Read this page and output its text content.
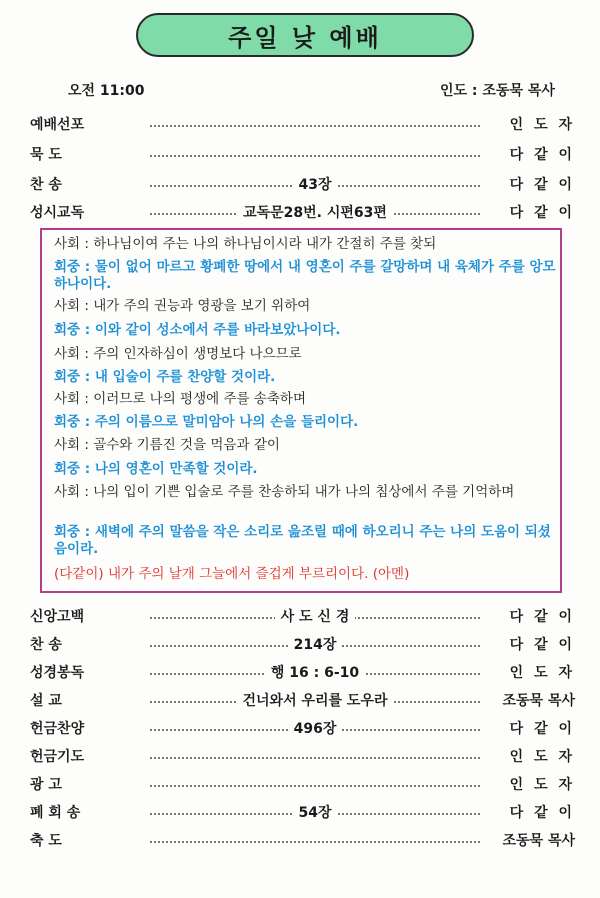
주일 낮 예배
오전 11:00	인도 : 조동묵 목사
예배선포	인 도 자
묵 도	다 같 이
찬 송	43장	다 같 이
성시교독	교독문28번. 시편63편	다 같 이
사회 : 하나님이여 주는 나의 하나님이시라 내가 간절히 주를 찾되
회중 : 물이 없어 마르고 황폐한 땅에서 내 영혼이 주를 갈망하며 내 육체가 주를 앙모하나이다.
사회 : 내가 주의 권능과 영광을 보기 위하여
회중 : 이와 같이 성소에서 주를 바라보았나이다.
사회 : 주의 인자하심이 생명보다 나으므로
회중 : 내 입술이 주를 찬양할 것이라.
사회 : 이러므로 나의 평생에 주를 송축하며
회중 : 주의 이름으로 말미암아 나의 손을 들리이다.
사회 : 골수와 기름진 것을 먹음과 같이
회중 : 나의 영혼이 만족할 것이라.
사회 : 나의 입이 기쁜 입술로 주를 찬송하되 내가 나의 침상에서 주를 기억하며
회중 : 새벽에 주의 말씀을 작은 소리로 읊조릴 때에 하오리니 주는 나의 도움이 되셨음이라.
(다같이) 내가 주의 날개 그늘에서 즐겁게 부르리이다. (아멘)
신앙고백	사 도 신 경	다 같 이
찬 송	214장	다 같 이
성경봉독	행 16 : 6-10	인 도 자
설 교	건너와서 우리를 도우라	조동묵 목사
헌금찬양	496장	다 같 이
헌금기도	인 도 자
광 고	인 도 자
폐 회 송	54장	다 같 이
축 도	조동묵 목사
